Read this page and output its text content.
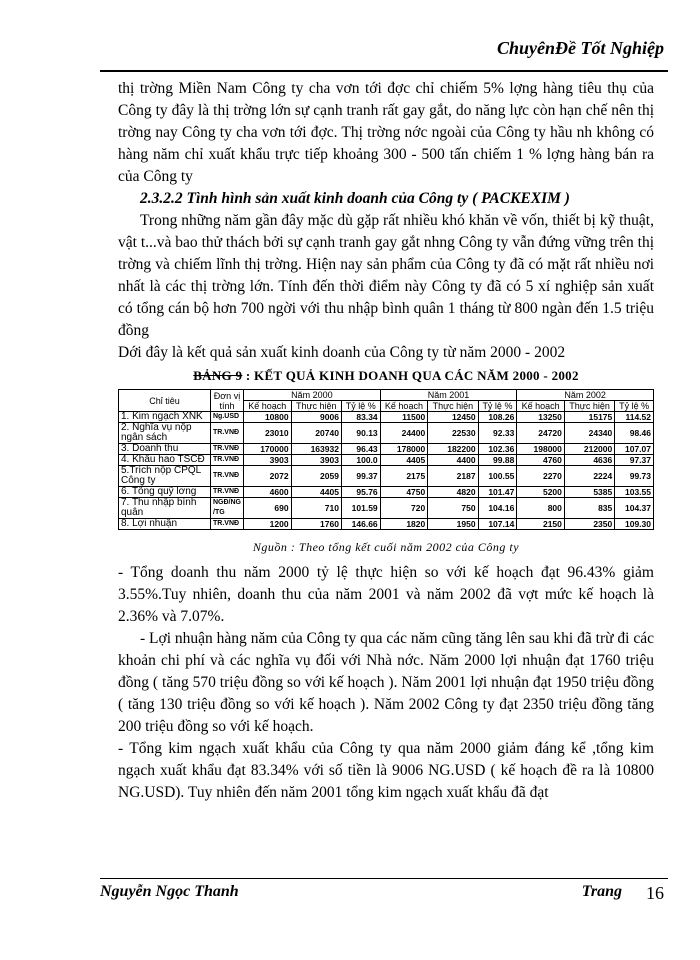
ChuyênĐề Tốt Nghiệp

thị trờng Miền Nam Công ty cha vơn tới đợc chỉ chiếm 5% lợng hàng tiêu thụ của Công ty đây là thị trờng lớn sự cạnh tranh rất gay gắt, do năng lực còn hạn chế nên thị trờng nay Công ty cha vơn tới đợc. Thị trờng nớc ngoài của Công ty hầu nh không có hàng năm chỉ xuất khẩu trực tiếp khoảng 300 - 500 tấn chiếm 1 % lợng hàng bán ra của Công ty

2.3.2.2 Tình hình sản xuất kinh doanh của Công ty ( PACKEXIM )

Trong những năm gần đây mặc dù gặp rất nhiều khó khăn về vốn, thiết bị kỹ thuật, vật t...và bao thử thách bởi sự cạnh tranh gay gắt nhng Công ty vẫn đứng vững trên thị trờng và chiếm lĩnh thị trờng. Hiện nay sản phẩm của Công ty đã có mặt rất nhiều nơi nhất là các thị trờng lớn. Tính đến thời điểm này Công ty đã có 5 xí nghiệp sản xuất có tổng cán bộ hơn 700 ngời với thu nhập bình quân 1 tháng từ 800 ngàn đến 1.5 triệu đồng

Dới đây là kết quả sản xuất kinh doanh của Công ty từ năm 2000 - 2002

BẢNG 9 : KẾT QUẢ KINH DOANH QUA CÁC NĂM 2000 - 2002
Chỉ tiêu	Đơn vị tính	Năm 2000			Năm 2001			Năm 2002		
		Kế hoạch	Thực hiện	Tỷ lệ %	Kế hoạch	Thực hiện	Tỷ lệ %	Kế hoạch	Thực hiện	Tỷ lệ %
1. Kim ngạch XNK	Ng.USD	10800	9006	83.34	11500	12450	108.26	13250	15175	114.52
2. Nghĩa vụ nộp ngân sách	TR.VNĐ	23010	20740	90.13	24400	22530	92.33	24720	24340	98.46
3. Doanh thu	TR.VNĐ	170000	163932	96.43	178000	182200	102.36	198000	212000	107.07
4. Khấu hao TSCĐ	TR.VNĐ	3903	3903	100.0	4405	4400	99.88	4760	4636	97.37
5.Trích nộp CPQL Công ty	TR.VNĐ	2072	2059	99.37	2175	2187	100.55	2270	2224	99.73
6. Tổng quỹ lơng	TR.VNĐ	4600	4405	95.76	4750	4820	101.47	5200	5385	103.55
7. Thu nhập bình quân	NGĐ/NG /TG	690	710	101.59	720	750	104.16	800	835	104.37
8. Lợi nhuận	TR.VNĐ	1200	1760	146.66	1820	1950	107.14	2150	2350	109.30
Nguồn : Theo tổng kết cuối năm 2002 của Công ty

- Tổng doanh thu năm 2000 tỷ lệ thực hiện so với kế hoạch đạt 96.43% giảm 3.55%.Tuy nhiên, doanh thu của năm 2001 và năm 2002 đã vợt mức kế hoạch là 2.36% và 7.07%.

- Lợi nhuận hàng năm của Công ty qua các năm cũng tăng lên sau khi đã trừ đi các khoản chi phí và các nghĩa vụ đối với Nhà nớc. Năm 2000 lợi nhuận đạt 1760 triệu đồng ( tăng 570 triệu đồng so với kế hoạch ). Năm 2001 lợi nhuận đạt 1950 triệu đồng ( tăng 130 triệu đồng so với kế hoạch ). Năm 2002 Công ty đạt 2350 triệu đồng tăng 200 triệu đồng so với kế hoạch.

- Tổng kim ngạch xuất khẩu của Công ty qua năm 2000 giảm đáng kể ,tổng kim ngạch xuất khẩu đạt 83.34% với số tiền là 9006 NG.USD ( kế hoạch đề ra là 10800 NG.USD). Tuy nhiên đến năm 2001 tổng kim ngạch xuất khẩu đã đạt

Nguyễn Ngọc Thanh	Trang 16
